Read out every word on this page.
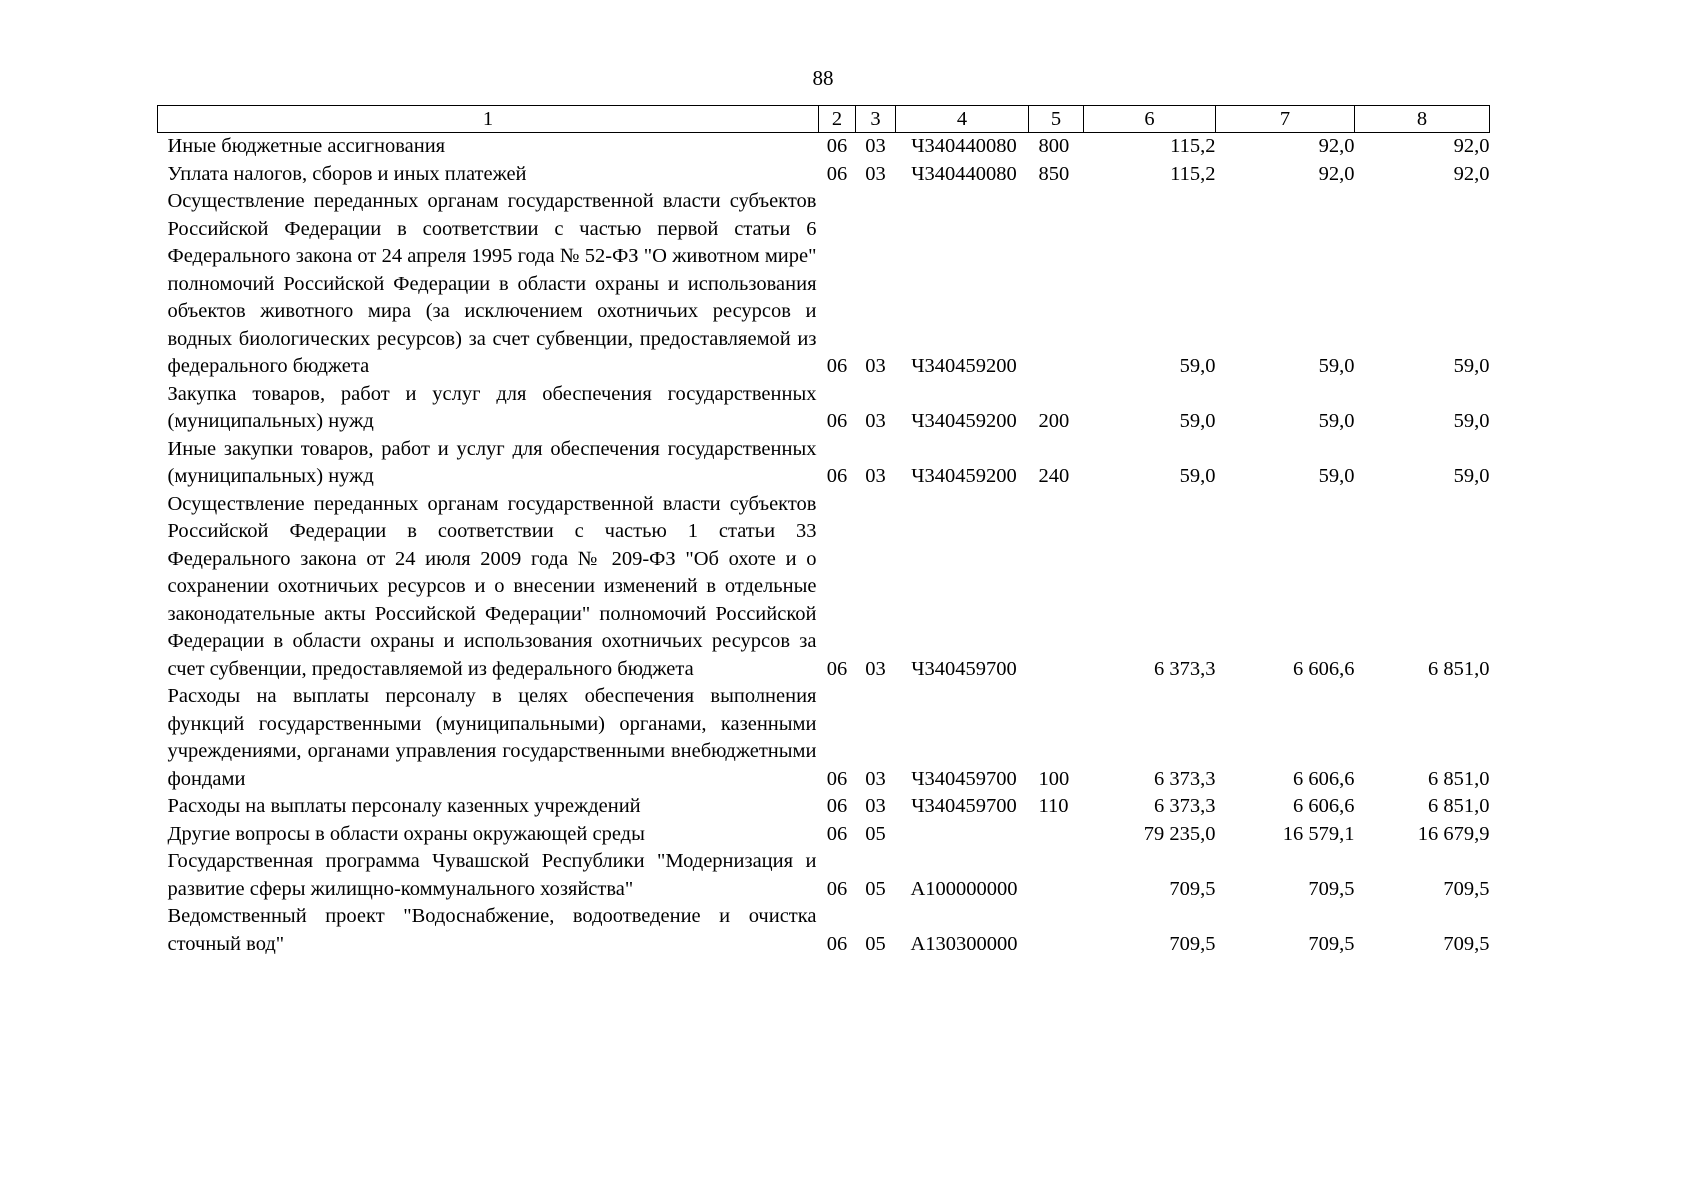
88
1	2	3	4	5	6	7	8
Иные бюджетные ассигнования	06	03	Ч340440080	800	115,2	92,0	92,0
Уплата налогов, сборов и иных платежей	06	03	Ч340440080	850	115,2	92,0	92,0
Осуществление переданных органам государственной власти субъектов Российской Федерации в соответствии с частью первой статьи 6 Федерального закона от 24 апреля 1995 года № 52-ФЗ "О животном мире" полномочий Российской Федерации в области охраны и использования объектов животного мира (за исключением охотничьих ресурсов и водных биологических ресурсов) за счет субвенции, предоставляемой из федерального бюджета	06	03	Ч340459200		59,0	59,0	59,0
Закупка товаров, работ и услуг для обеспечения государственных (муниципальных) нужд	06	03	Ч340459200	200	59,0	59,0	59,0
Иные закупки товаров, работ и услуг для обеспечения государственных (муниципальных) нужд	06	03	Ч340459200	240	59,0	59,0	59,0
Осуществление переданных органам государственной власти субъектов Российской Федерации в соответствии с частью 1 статьи 33 Федерального закона от 24 июля 2009 года № 209-ФЗ "Об охоте и о сохранении охотничьих ресурсов и о внесении изменений в отдельные законодательные акты Российской Федерации" полномочий Российской Федерации в области охраны и использования охотничьих ресурсов за счет субвенции, предоставляемой из федерального бюджета	06	03	Ч340459700		6 373,3	6 606,6	6 851,0
Расходы на выплаты персоналу в целях обеспечения выполнения функций государственными (муниципальными) органами, казенными учреждениями, органами управления государственными внебюджетными фондами	06	03	Ч340459700	100	6 373,3	6 606,6	6 851,0
Расходы на выплаты персоналу казенных учреждений	06	03	Ч340459700	110	6 373,3	6 606,6	6 851,0
Другие вопросы в области охраны окружающей среды	06	05			79 235,0	16 579,1	16 679,9
Государственная программа Чувашской Республики "Модернизация и развитие сферы жилищно-коммунального хозяйства"	06	05	A100000000		709,5	709,5	709,5
Ведомственный проект "Водоснабжение, водоотведение и очистка сточный вод"	06	05	A130300000		709,5	709,5	709,5
